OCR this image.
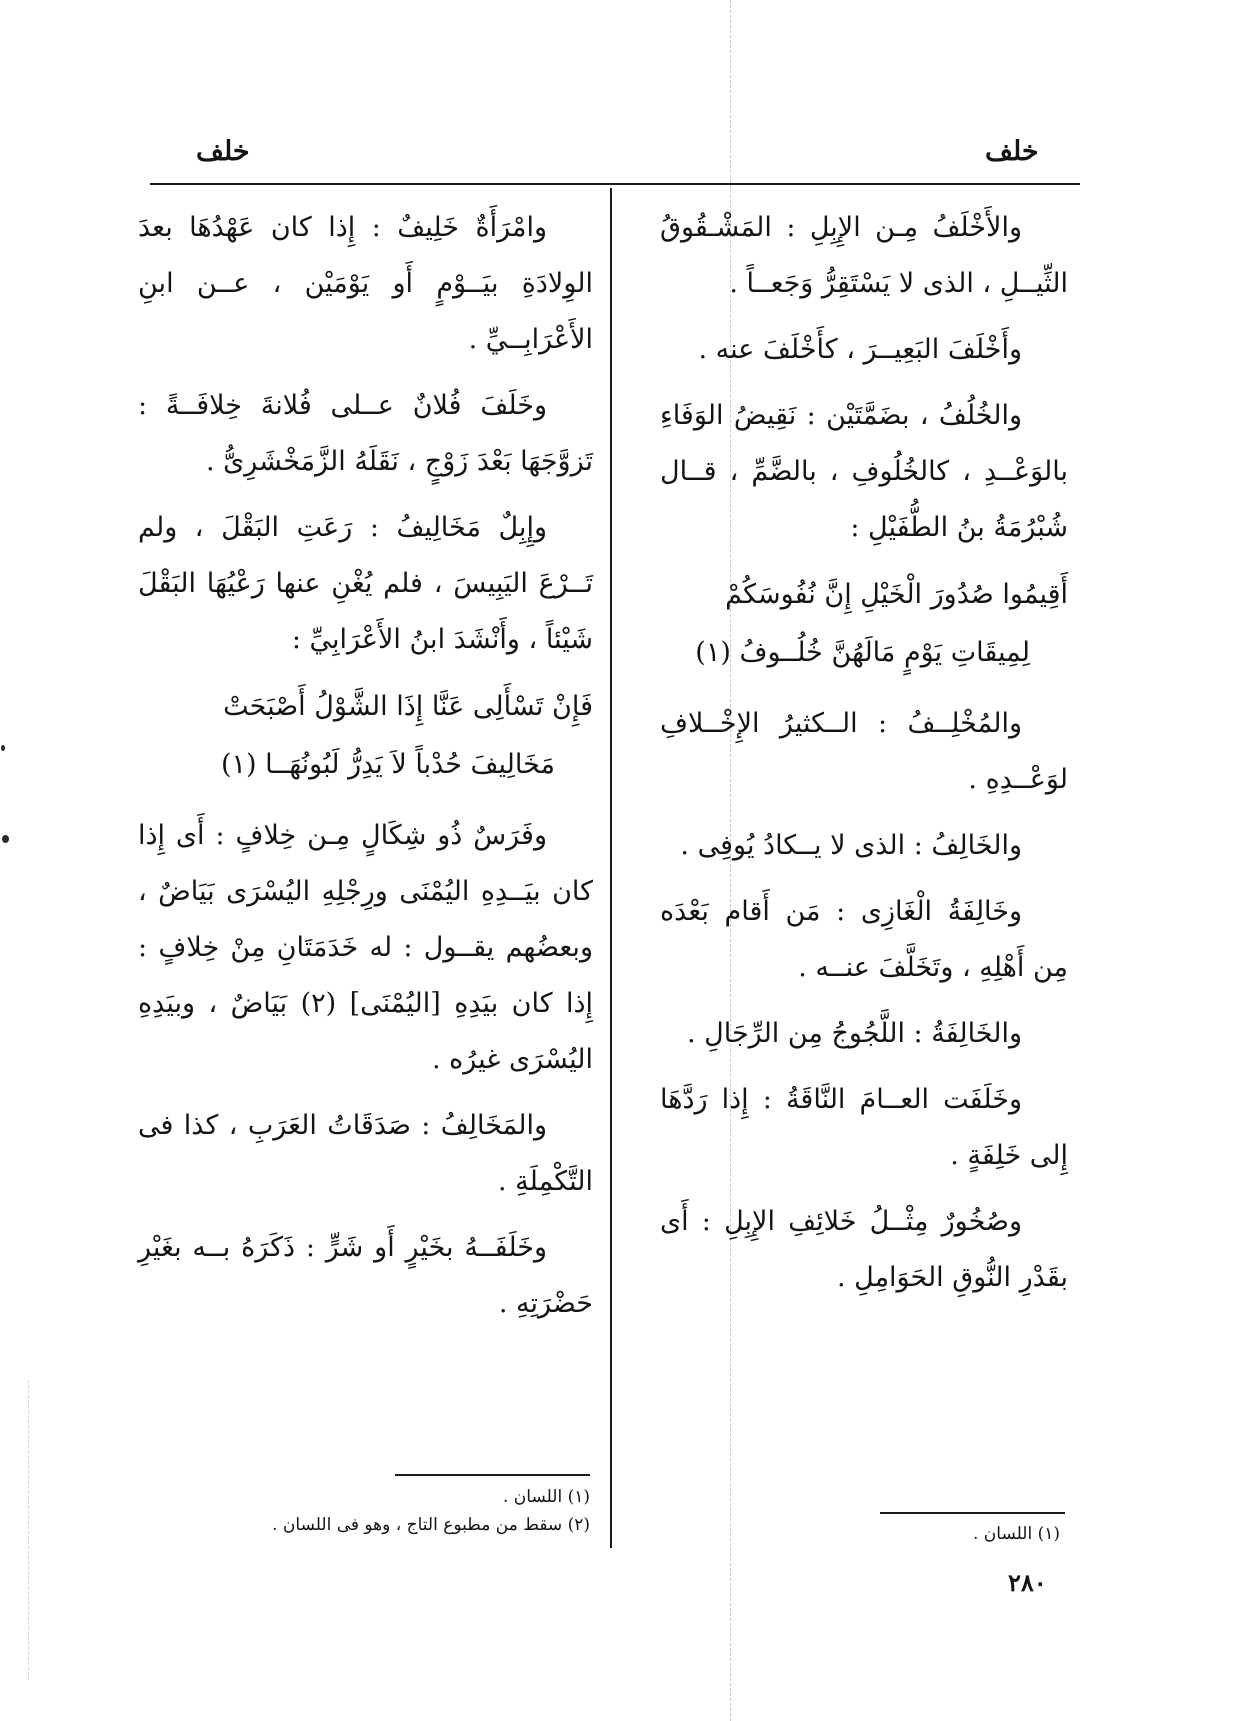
خلف
خلف

والأَخْلَفُ مِـن الإِبِلِ : المَشْـقُوقُ الثِّيــلِ ، الذى لا يَسْتَقِرُّ وَجَعــاً .

وأَخْلَفَ البَعِيــرَ ، كأَخْلَفَ عنه .

والخُلُفُ ، بضَمَّتَيْن : نَقِيضُ الوَفَاءِ بالوَعْــدِ ، كالخُلُوفِ ، بالضَّمِّ ، قــال شُبْرُمَةُ بنُ الطُّفَيْلِ :

أَقِيمُوا صُدُورَ الْخَيْلِ إِنَّ نُفُوسَكُمْ
لِمِيقَاتِ يَوْمٍ مَالَهُنَّ خُلُــوفُ (١)

والمُخْلِــفُ : الــكثيرُ الإِخْــلافِ لوَعْــدِهِ .

والخَالِفُ : الذى لا يــكادُ يُوفِى .

وخَالِفَةُ الْغَازِى : مَن أَقام بَعْدَه مِن أَهْلِهِ ، وتَخَلَّفَ عنــه .

والخَالِفَةُ : اللَّجُوجُ مِن الرِّجَالِ .

وخَلَفَت العــامَ النَّاقَةُ : إِذا رَدَّهَا إِلى خَلِفَةٍ .

وصُخُورٌ مِثْــلُ خَلائِفِ الإِبِلِ : أَى بقَدْرِ النُّوقِ الحَوَامِلِ .

وامْرَأَةٌ خَلِيفٌ : إِذا كان عَهْدُهَا بعدَ الوِلادَةِ بيَــوْمٍ أَو يَوْمَيْن ، عــن ابنِ الأَعْرَابِــيِّ .

وخَلَفَ فُلانٌ عــلى فُلانةَ خِلافَــةً : تَزوَّجَهَا بَعْدَ زَوْجٍ ، نَقَلَهُ الزَّمَخْشَرِىُّ .

وإِبِلٌ مَخَالِيفُ : رَعَتِ البَقْلَ ، ولم تَــرْعَ اليَبِيسَ ، فلم يُغْنِ عنها رَعْيُهَا البَقْلَ شَيْئاً ، وأَنْشَدَ ابنُ الأَعْرَابِيِّ :

فَإِنْ تَسْأَلِى عَنَّا إِذَا الشَّوْلُ أَصْبَحَتْ
مَخَالِيفَ حُدْباً لاَ يَدِرُّ لَبُونُهَــا (١)

وفَرَسٌ ذُو شِكَالٍ مِـن خِلافٍ : أَى إِذا كان بيَــدِهِ اليُمْنَى ورِجْلِهِ اليُسْرَى بَيَاضٌ ، وبعضُهم يقــول : له خَدَمَتَانِ مِنْ خِلافٍ : إِذا كان بيَدِهِ [اليُمْنَى] (٢) بَيَاضٌ ، وبيَدِهِ اليُسْرَى غيرُه .

والمَخَالِفُ : صَدَقَاتُ العَرَبِ ، كذا فى التَّكْمِلَةِ .

وخَلَفَــهُ بخَيْرٍ أَو شَرٍّ : ذَكَرَهُ بــه بغَيْرِ حَضْرَتِهِ .

(١) اللسان .
(١) اللسان .
(٢) سقط من مطبوع التاج ، وهو فى اللسان .
٢٨٠
